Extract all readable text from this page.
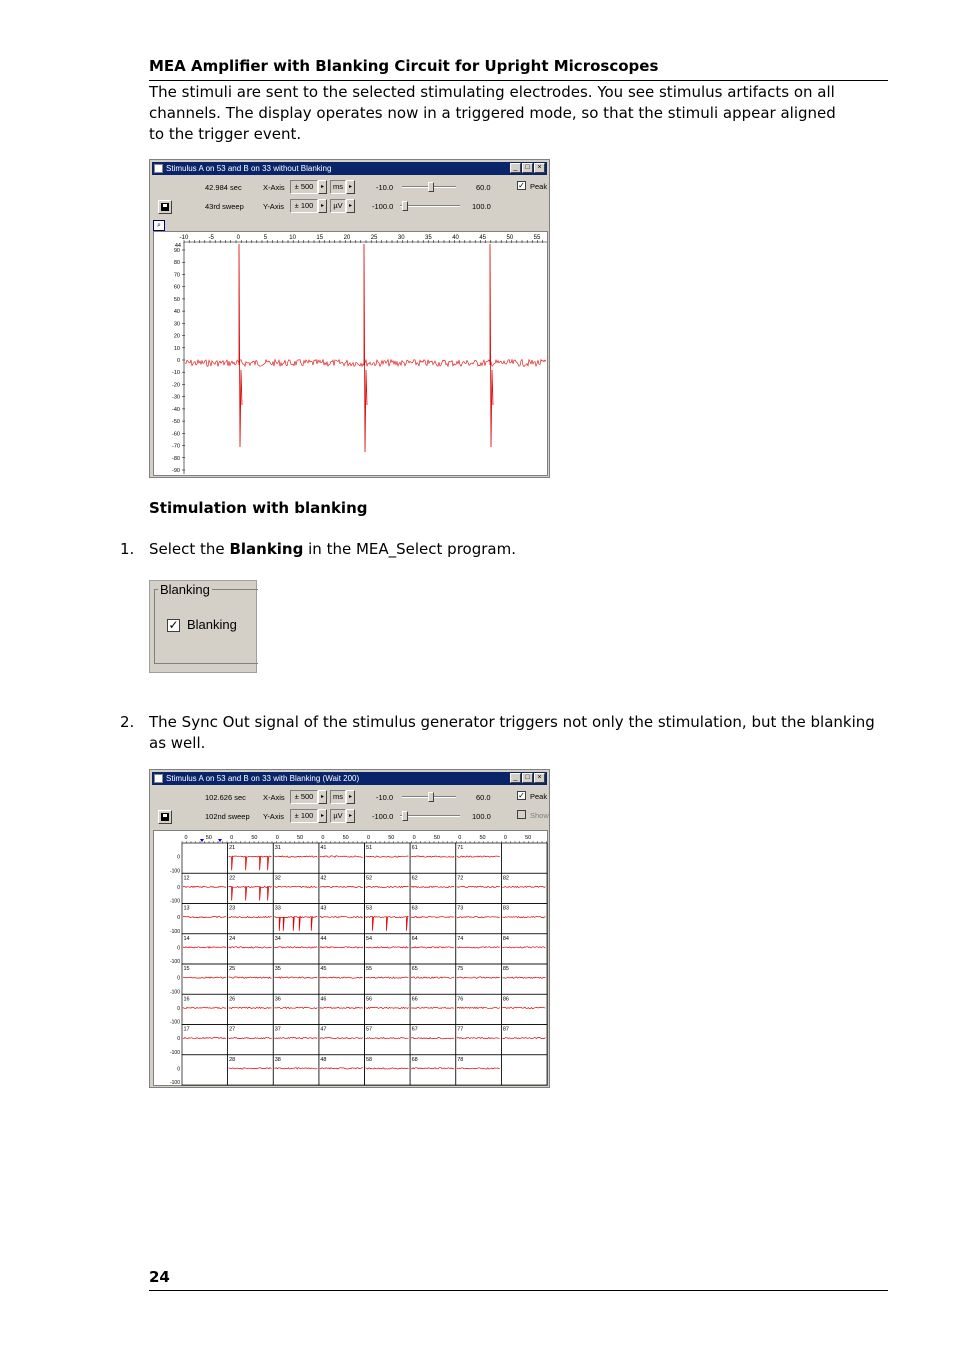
MEA Amplifier with Blanking Circuit for Upright Microscopes

The stimuli are sent to the selected stimulating electrodes. You see stimulus artifacts on all channels. The display operates now in a triggered mode, so that the stimuli appear aligned to the trigger event.

Stimulus A on 53 and B on 33 without Blanking	_	□	×
42.984 sec
43rd sweep
X-Axis
Y-Axis
± 500	▸	ms ▸
± 100	▸	µV	▸
-10.0	60.0
-100.0	100.0
✓ Peak
⌕
-10	-5	0	5	10	15	20	25	30	35	40	45	50	55
90
80
70
60
50
40
30
20
10
0
-10
-20
-30
-40
-50
-60
-70
-80
-90
44
Stimulation with blanking
1. Select the Blanking in the MEA_Select program.
Blanking
✓ Blanking
2. The Sync Out signal of the stimulus generator triggers not only the stimulation, but the blanking as well.
Stimulus A on 53 and B on 33 with Blanking (Wait 200)	_	□	×
102.626 sec
102nd sweep
X-Axis
Y-Axis
± 500	▸	ms ▸
± 100	▸	µV	▸
-10.0	60.0
-100.0	100.0
✓ Peak
Show
0	50	0	50	0	50	0	50	0	50	0	50	0	50	0	50
21	31	41	51	61	71
0
-100
12	22	32	42	52	62	72	82
0
-100
13	23	33	43	53	63	73	83
0
-100
14	24	34	44	54	64	74	84
0
-100
15	25	35	45	55	65	75	85
0
-100
16	26	36	46	56	66	76	86
0
-100
17	27	37	47	57	67	77	87
0
-100
28	38	48	58	68	78
0
-100
24
